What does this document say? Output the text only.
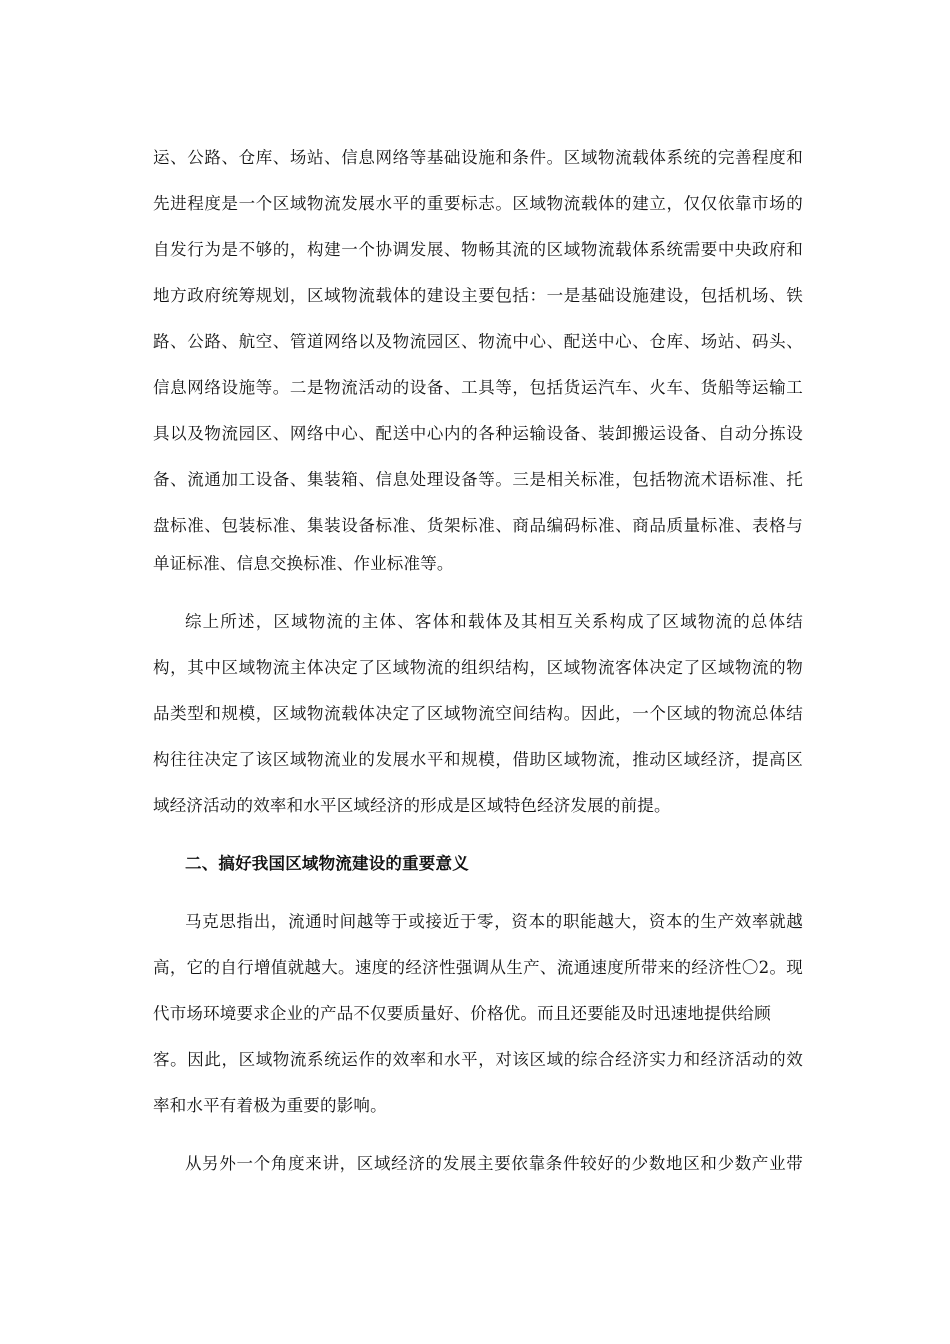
运、公路、仓库、场站、信息网络等基础设施和条件。区域物流载体系统的完善程度和
先进程度是一个区域物流发展水平的重要标志。区域物流载体的建立，仅仅依靠市场的
自发行为是不够的，构建一个协调发展、物畅其流的区域物流载体系统需要中央政府和
地方政府统筹规划，区域物流载体的建设主要包括：一是基础设施建设，包括机场、铁
路、公路、航空、管道网络以及物流园区、物流中心、配送中心、仓库、场站、码头、
信息网络设施等。二是物流活动的设备、工具等，包括货运汽车、火车、货船等运输工
具以及物流园区、网络中心、配送中心内的各种运输设备、装卸搬运设备、自动分拣设
备、流通加工设备、集装箱、信息处理设备等。三是相关标准，包括物流术语标准、托
盘标准、包装标准、集装设备标准、货架标准、商品编码标准、商品质量标准、表格与
单证标准、信息交换标准、作业标准等。
综上所述，区域物流的主体、客体和载体及其相互关系构成了区域物流的总体结
构，其中区域物流主体决定了区域物流的组织结构，区域物流客体决定了区域物流的物
品类型和规模，区域物流载体决定了区域物流空间结构。因此，一个区域的物流总体结
构往往决定了该区域物流业的发展水平和规模，借助区域物流，推动区域经济，提高区
域经济活动的效率和水平区域经济的形成是区域特色经济发展的前提。
二、搞好我国区域物流建设的重要意义
马克思指出，流通时间越等于或接近于零，资本的职能越大，资本的生产效率就越
高，它的自行增值就越大。速度的经济性强调从生产、流通速度所带来的经济性〇2。现
代市场环境要求企业的产品不仅要质量好、价格优。而且还要能及时迅速地提供给顾
客。因此，区域物流系统运作的效率和水平，对该区域的综合经济实力和经济活动的效
率和水平有着极为重要的影响。
从另外一个角度来讲，区域经济的发展主要依靠条件较好的少数地区和少数产业带
